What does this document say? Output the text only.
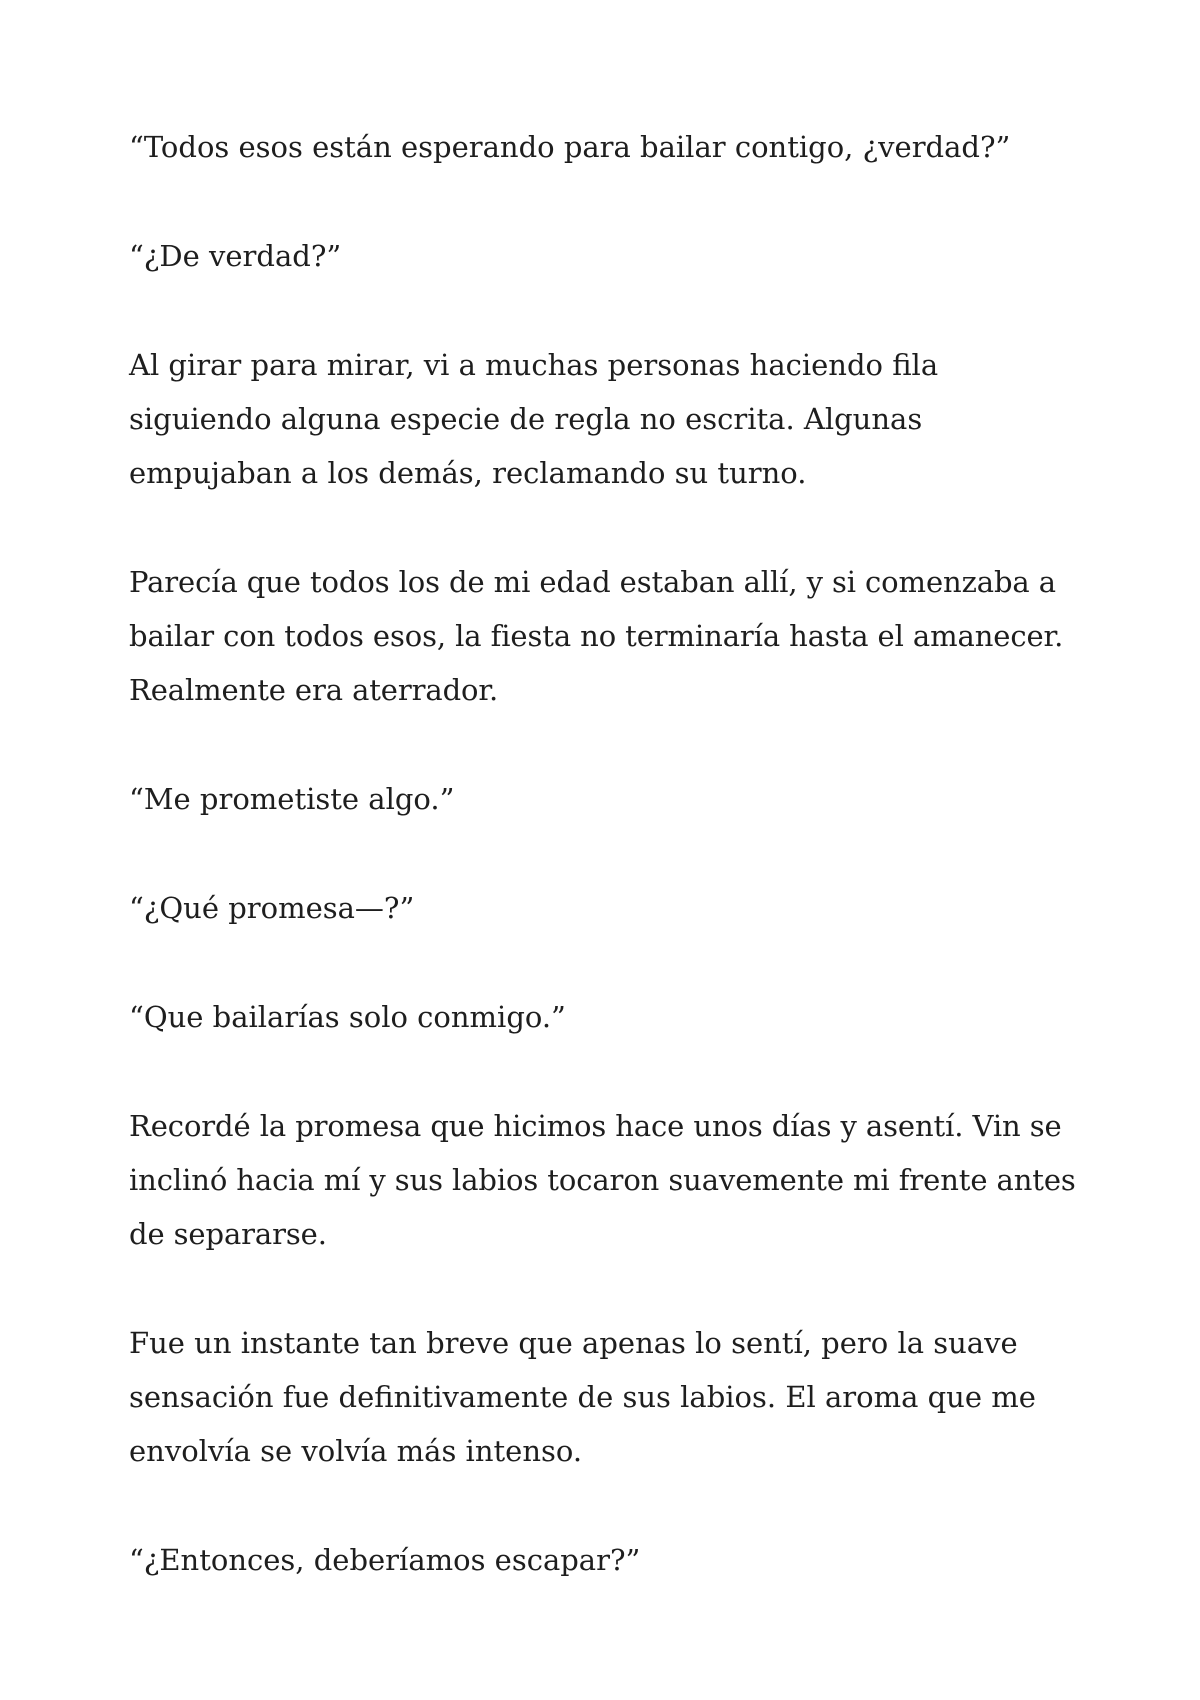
“Todos esos están esperando para bailar contigo, ¿verdad?”

“¿De verdad?”

Al girar para mirar, vi a muchas personas haciendo fila siguiendo alguna especie de regla no escrita. Algunas empujaban a los demás, reclamando su turno.

Parecía que todos los de mi edad estaban allí, y si comenzaba a bailar con todos esos, la fiesta no terminaría hasta el amanecer. Realmente era aterrador.

“Me prometiste algo.”

“¿Qué promesa—?”

“Que bailarías solo conmigo.”

Recordé la promesa que hicimos hace unos días y asentí. Vin se inclinó hacia mí y sus labios tocaron suavemente mi frente antes de separarse.

Fue un instante tan breve que apenas lo sentí, pero la suave sensación fue definitivamente de sus labios. El aroma que me envolvía se volvía más intenso.

“¿Entonces, deberíamos escapar?”
